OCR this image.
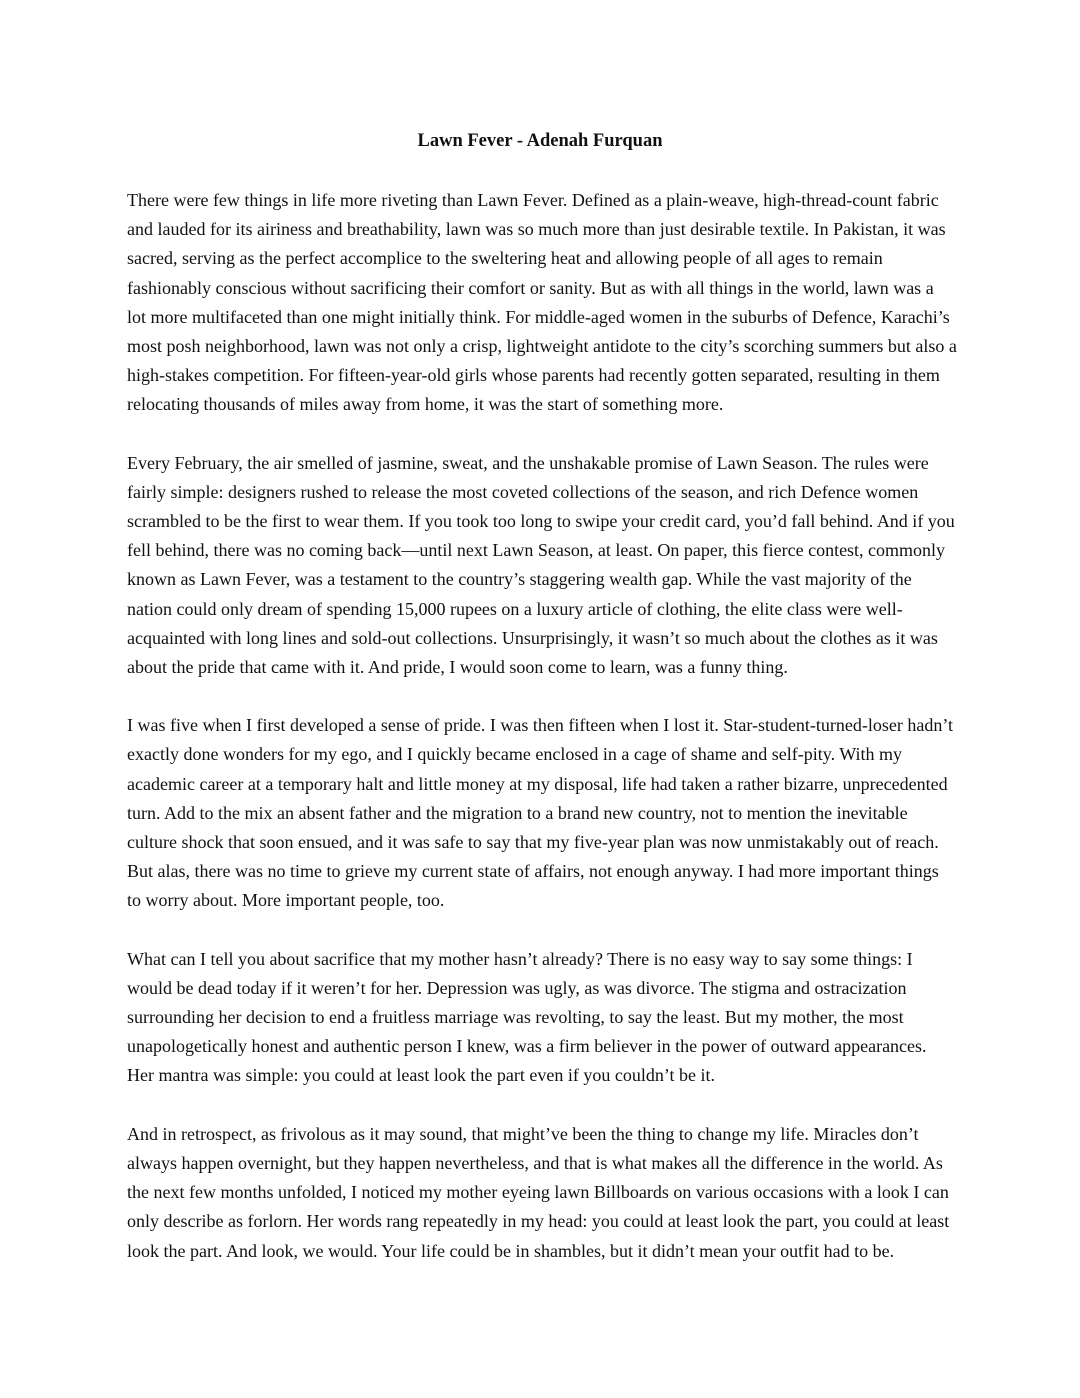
Lawn Fever - Adenah Furquan

There were few things in life more riveting than Lawn Fever. Defined as a plain-weave, high-thread-count fabric and lauded for its airiness and breathability, lawn was so much more than just desirable textile. In Pakistan, it was sacred, serving as the perfect accomplice to the sweltering heat and allowing people of all ages to remain fashionably conscious without sacrificing their comfort or sanity. But as with all things in the world, lawn was a lot more multifaceted than one might initially think. For middle-aged women in the suburbs of Defence, Karachi’s most posh neighborhood, lawn was not only a crisp, lightweight antidote to the city’s scorching summers but also a high-stakes competition. For fifteen-year-old girls whose parents had recently gotten separated, resulting in them relocating thousands of miles away from home, it was the start of something more.

Every February, the air smelled of jasmine, sweat, and the unshakable promise of Lawn Season. The rules were fairly simple: designers rushed to release the most coveted collections of the season, and rich Defence women scrambled to be the first to wear them. If you took too long to swipe your credit card, you’d fall behind. And if you fell behind, there was no coming back—until next Lawn Season, at least. On paper, this fierce contest, commonly known as Lawn Fever, was a testament to the country’s staggering wealth gap. While the vast majority of the nation could only dream of spending 15,000 rupees on a luxury article of clothing, the elite class were well-acquainted with long lines and sold-out collections. Unsurprisingly, it wasn’t so much about the clothes as it was about the pride that came with it. And pride, I would soon come to learn, was a funny thing.

I was five when I first developed a sense of pride. I was then fifteen when I lost it. Star-student-turned-loser hadn’t exactly done wonders for my ego, and I quickly became enclosed in a cage of shame and self-pity. With my academic career at a temporary halt and little money at my disposal, life had taken a rather bizarre, unprecedented turn. Add to the mix an absent father and the migration to a brand new country, not to mention the inevitable culture shock that soon ensued, and it was safe to say that my five-year plan was now unmistakably out of reach. But alas, there was no time to grieve my current state of affairs, not enough anyway. I had more important things to worry about. More important people, too.

What can I tell you about sacrifice that my mother hasn’t already? There is no easy way to say some things: I would be dead today if it weren’t for her. Depression was ugly, as was divorce. The stigma and ostracization surrounding her decision to end a fruitless marriage was revolting, to say the least. But my mother, the most unapologetically honest and authentic person I knew, was a firm believer in the power of outward appearances. Her mantra was simple: you could at least look the part even if you couldn’t be it.

And in retrospect, as frivolous as it may sound, that might’ve been the thing to change my life. Miracles don’t always happen overnight, but they happen nevertheless, and that is what makes all the difference in the world. As the next few months unfolded, I noticed my mother eyeing lawn Billboards on various occasions with a look I can only describe as forlorn. Her words rang repeatedly in my head: you could at least look the part, you could at least look the part. And look, we would. Your life could be in shambles, but it didn’t mean your outfit had to be.
